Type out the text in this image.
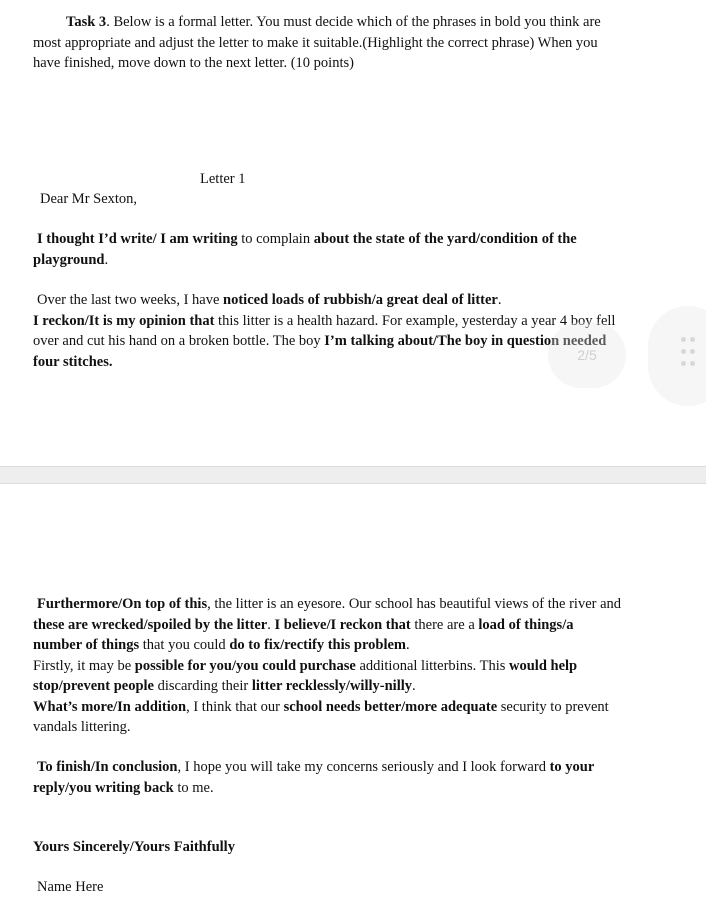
Task 3. Below is a formal letter. You must decide which of the phrases in bold you think are most appropriate and adjust the letter to make it suitable.(Highlight the correct phrase) When you have finished, move down to the next letter. (10 points)

Letter 1
Dear Mr Sexton,

I thought I’d write/ I am writing to complain about the state of the yard/condition of the playground.

Over the last two weeks, I have noticed loads of rubbish/a great deal of litter.
I reckon/It is my opinion that this litter is a health hazard. For example, yesterday a year 4 boy fell over and cut his hand on a broken bottle. The boy I’m talking about/The boy in question needed four stitches.

Furthermore/On top of this, the litter is an eyesore. Our school has beautiful views of the river and these are wrecked/spoiled by the litter. I believe/I reckon that there are a load of things/a number of things that you could do to fix/rectify this problem.
Firstly, it may be possible for you/you could purchase additional litterbins. This would help stop/prevent people discarding their litter recklessly/willy-nilly.
What’s more/In addition, I think that our school needs better/more adequate security to prevent vandals littering.

To finish/In conclusion, I hope you will take my concerns seriously and I look forward to your reply/you writing back to me.

Yours Sincerely/Yours Faithfully
Name Here
2/5
